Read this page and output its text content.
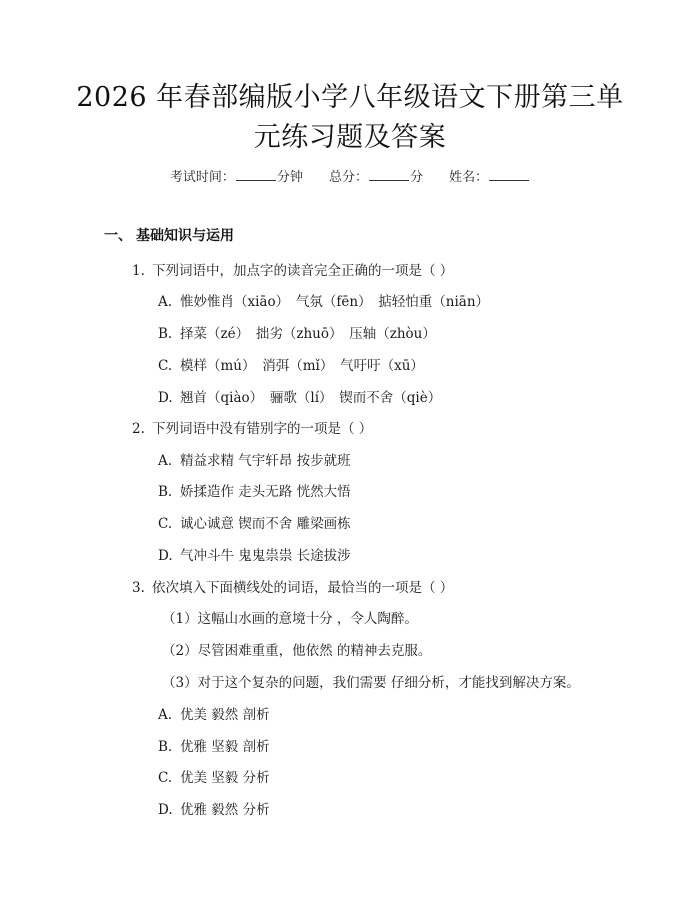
2026 年春部编版小学八年级语文下册第三单
元练习题及答案
考试时间：	分钟 总分：	分 姓名：
一、 基础知识与运用
1. 下列词语中，加点字的读音完全正确的一项是（ ）
A. 惟妙惟肖（xiāo）　气氛（fēn）　掂轻怕重（niān）
B. 择菜（zé）　拙劣（zhuō）　压轴（zhòu）
C. 模样（mú）　消弭（mǐ）　气吁吁（xū）
D. 翘首（qiào）　骊歌（lí）　锲而不舍（qiè）
2. 下列词语中没有错别字的一项是（ ）
A. 精益求精 气宇轩昂 按步就班
B. 娇揉造作 走头无路 恍然大悟
C. 诚心诚意 锲而不舍 雕梁画栋
D. 气冲斗牛 鬼鬼祟祟 长途拔涉
3. 依次填入下面横线处的词语，最恰当的一项是（ ）
（1）这幅山水画的意境十分 ，令人陶醉。
（2）尽管困难重重，他依然 的精神去克服。
（3）对于这个复杂的问题，我们需要 仔细分析，才能找到解决方案。
A. 优美 毅然 剖析
B. 优雅 坚毅 剖析
C. 优美 坚毅 分析
D. 优雅 毅然 分析
